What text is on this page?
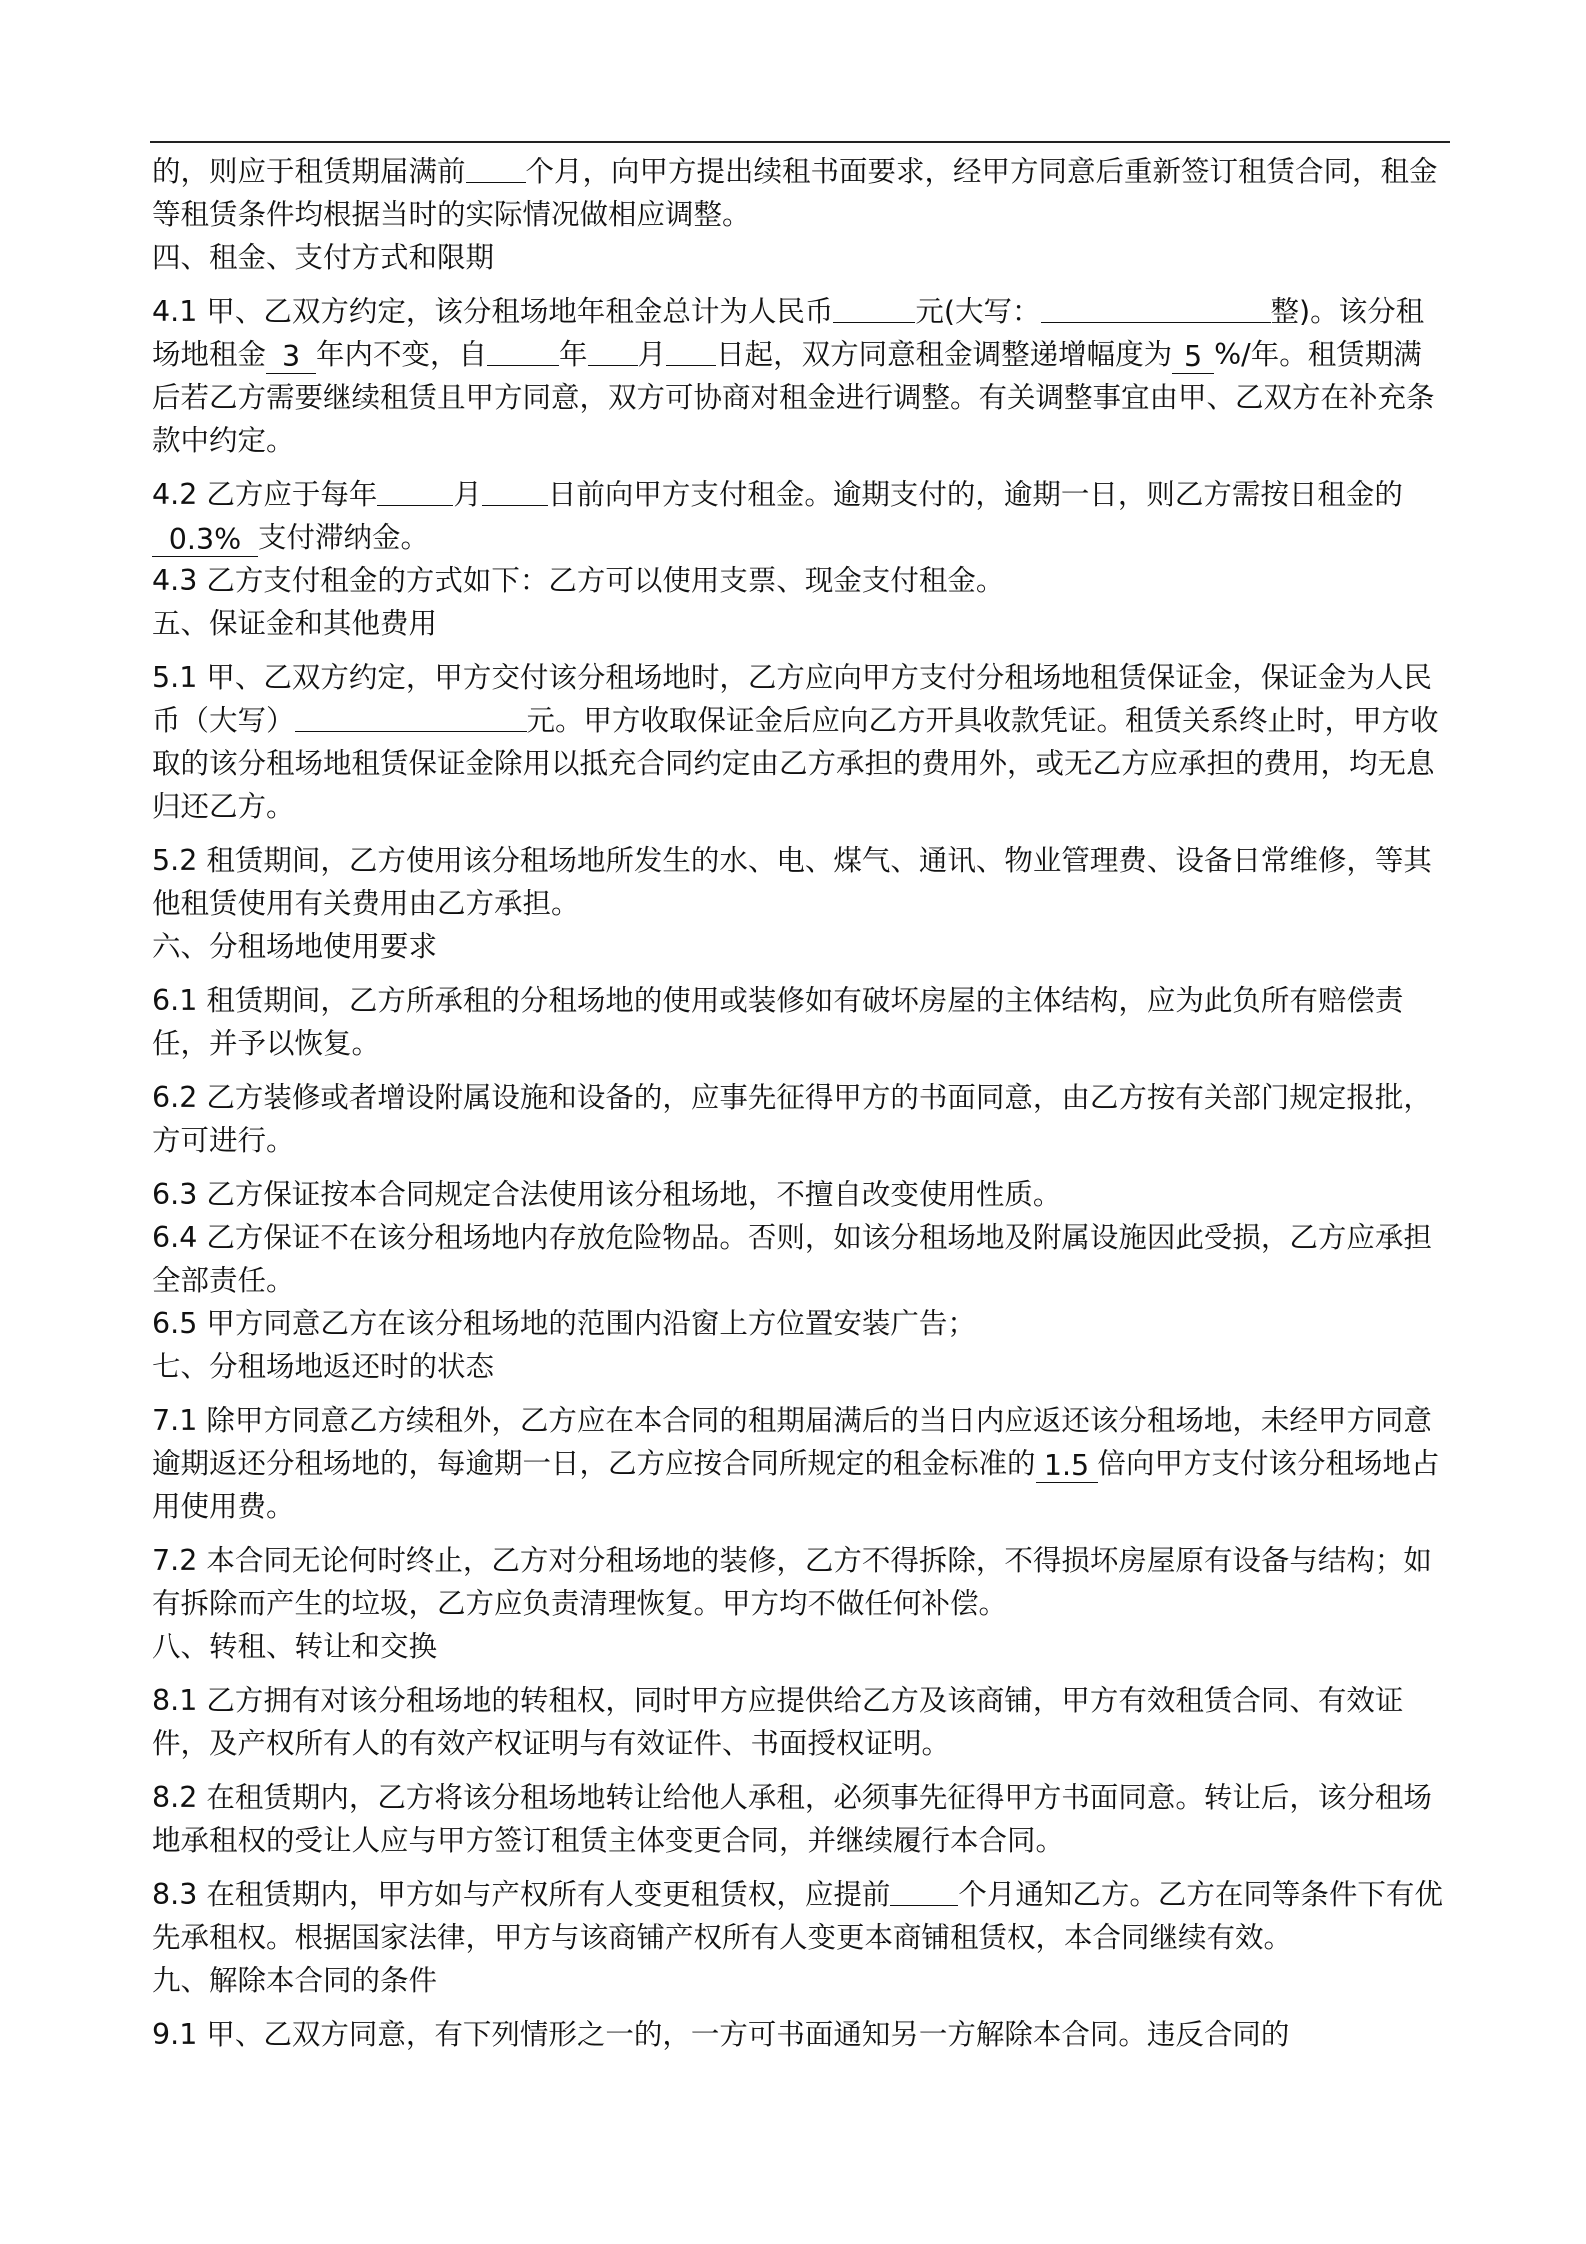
的，则应于租赁期届满前 个月，向甲方提出续租书面要求，经甲方同意后重新签订租赁合同，租金等租赁条件均根据当时的实际情况做相应调整。

四、租金、支付方式和限期

4.1 甲、乙双方约定，该分租场地年租金总计为人民币	元(大写：	整)。该分租场地租金 3 年内不变，自	年 月 日起，双方同意租金调整递增幅度为 5 %/年。租赁期满后若乙方需要继续租赁且甲方同意，双方可协商对租金进行调整。有关调整事宜由甲、乙双方在补充条款中约定。

4.2 乙方应于每年	月 日前向甲方支付租金。逾期支付的，逾期一日，则乙方需按日租金的0.3% 支付滞纳金。

4.3 乙方支付租金的方式如下：乙方可以使用支票、现金支付租金。

五、保证金和其他费用

5.1 甲、乙双方约定，甲方交付该分租场地时，乙方应向甲方支付分租场地租赁保证金，保证金为人民币（大写）	元。甲方收取保证金后应向乙方开具收款凭证。租赁关系终止时，甲方收取的该分租场地租赁保证金除用以抵充合同约定由乙方承担的费用外，或无乙方应承担的费用，均无息归还乙方。

5.2 租赁期间，乙方使用该分租场地所发生的水、电、煤气、通讯、物业管理费、设备日常维修，等其他租赁使用有关费用由乙方承担。

六、分租场地使用要求

6.1 租赁期间，乙方所承租的分租场地的使用或装修如有破坏房屋的主体结构，应为此负所有赔偿责任，并予以恢复。

6.2 乙方装修或者增设附属设施和设备的，应事先征得甲方的书面同意，由乙方按有关部门规定报批，方可进行。

6.3 乙方保证按本合同规定合法使用该分租场地，不擅自改变使用性质。

6.4 乙方保证不在该分租场地内存放危险物品。否则，如该分租场地及附属设施因此受损，乙方应承担全部责任。

6.5 甲方同意乙方在该分租场地的范围内沿窗上方位置安装广告；

七、分租场地返还时的状态

7.1 除甲方同意乙方续租外，乙方应在本合同的租期届满后的当日内应返还该分租场地，未经甲方同意逾期返还分租场地的，每逾期一日，乙方应按合同所规定的租金标准的 1.5 倍向甲方支付该分租场地占用使用费。

7.2 本合同无论何时终止，乙方对分租场地的装修，乙方不得拆除，不得损坏房屋原有设备与结构；如有拆除而产生的垃圾，乙方应负责清理恢复。甲方均不做任何补偿。

八、转租、转让和交换

8.1 乙方拥有对该分租场地的转租权，同时甲方应提供给乙方及该商铺，甲方有效租赁合同、有效证件，及产权所有人的有效产权证明与有效证件、书面授权证明。

8.2 在租赁期内，乙方将该分租场地转让给他人承租，必须事先征得甲方书面同意。转让后，该分租场地承租权的受让人应与甲方签订租赁主体变更合同，并继续履行本合同。

8.3 在租赁期内，甲方如与产权所有人变更租赁权，应提前 个月通知乙方。乙方在同等条件下有优先承租权。根据国家法律，甲方与该商铺产权所有人变更本商铺租赁权，本合同继续有效。

九、解除本合同的条件

9.1 甲、乙双方同意，有下列情形之一的，一方可书面通知另一方解除本合同。违反合同的
